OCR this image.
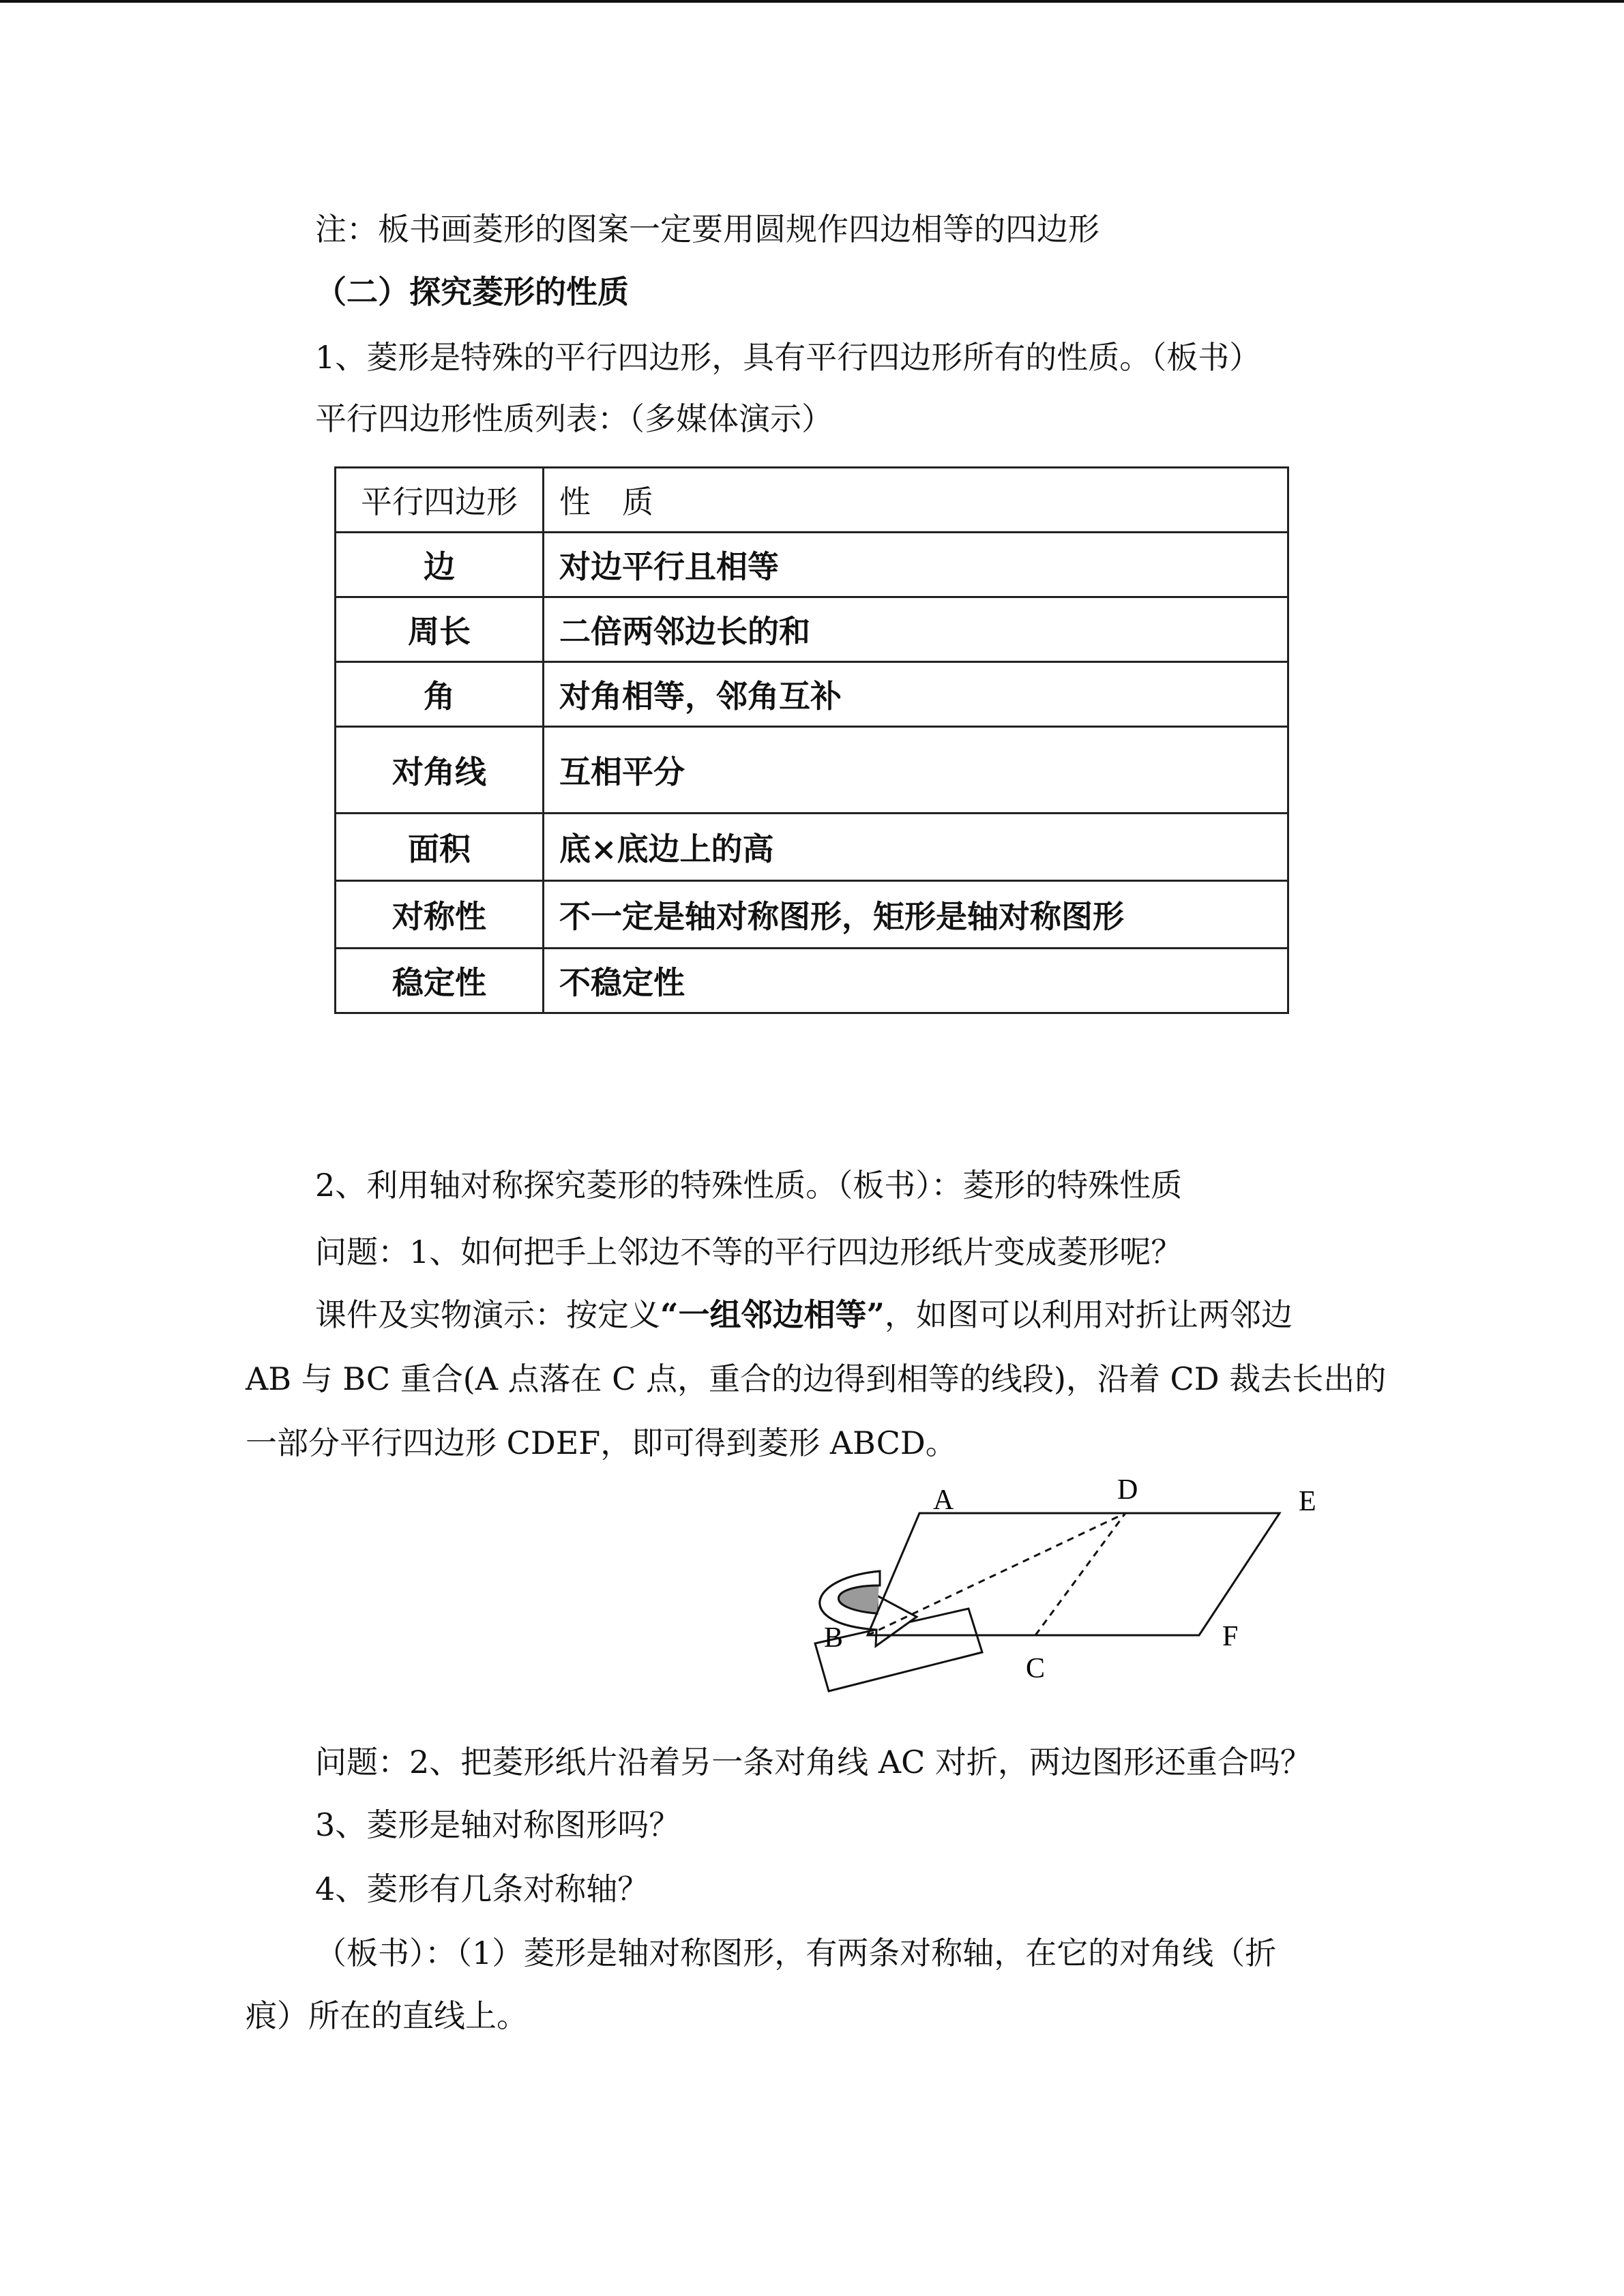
注：板书画菱形的图案一定要用圆规作四边相等的四边形
（二）探究菱形的性质
1、菱形是特殊的平行四边形，具有平行四边形所有的性质。（板书）
平行四边形性质列表：（多媒体演示）
平行四边形	性　质
边	对边平行且相等
周长	二倍两邻边长的和
角	对角相等，邻角互补
对角线	互相平分
面积	底×底边上的高
对称性	不一定是轴对称图形，矩形是轴对称图形
稳定性	不稳定性
2、利用轴对称探究菱形的特殊性质。（板书）：菱形的特殊性质
问题：1、如何把手上邻边不等的平行四边形纸片变成菱形呢？
课件及实物演示：按定义“一组邻边相等”，如图可以利用对折让两邻边
AB 与 BC 重合(A 点落在 C 点，重合的边得到相等的线段)，沿着 CD 裁去长出的
一部分平行四边形 CDEF，即可得到菱形 ABCD。
A	D	E
B
C
F
问题：2、把菱形纸片沿着另一条对角线 AC 对折，两边图形还重合吗？
3、菱形是轴对称图形吗？
4、菱形有几条对称轴？
（板书）：（1）菱形是轴对称图形，有两条对称轴，在它的对角线（折
痕）所在的直线上。
